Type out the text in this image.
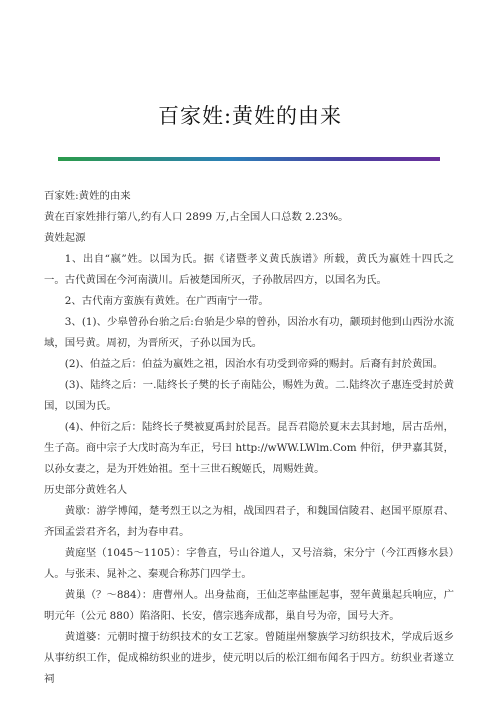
百家姓:黄姓的由来

百家姓:黄姓的由来

黄在百家姓排行第八,约有人口 2899 万,占全国人口总数 2.23%。

黄姓起源

1、出自“嬴”姓。以国为氏。据《诸暨孝义黄氏族谱》所载，黄氏为嬴姓十四氏之一。古代黄国在今河南潢川。后被楚国所灭，子孙散居四方，以国名为氏。

2、古代南方蛮族有黄姓。在广西南宁一带。

3、(1)、少皋曾孙台骀之后:台骀是少皋的曾孙，因治水有功，颛顼封他到山西汾水流域，国号黄。周初，为晋所灭，子孙以国为氏。

(2)、伯益之后：伯益为嬴姓之祖，因治水有功受到帝舜的赐封。后裔有封於黄国。

(3)、陆终之后：一.陆终长子樊的长子南陆公，赐姓为黄。二.陆终次子惠连受封於黄国，以国为氏。

(4)、仲衍之后：陆终长子樊被夏禹封於昆吾。昆吾君隐於夏末去其封地，居古岳州，生子高。商中宗子大戊时高为车正，号曰 http://wWW.LWlm.Com 仲衍，伊尹嘉其贤，以孙女妻之，是为开姓始祖。至十三世石鲵姬氏，周赐姓黄。

历史部分黄姓名人

黄歇：游学博闻，楚考烈王以之为相，战国四君子，和魏国信陵君、赵国平原原君、齐国孟尝君齐名，封为春申君。

黄庭坚（1045～1105）：字鲁直，号山谷道人，又号涪翁，宋分宁（今江西修水县）人。与张耒、晁补之、秦观合称苏门四学士。

黄巢（？～884）：唐曹州人。出身盐商，王仙芝率盐匪起事，翌年黄巢起兵响应，广明元年（公元 880）陷洛阳、长安，僖宗逃奔成都，巢自号为帝，国号大齐。

黄道婆：元朝时擅于纺织技术的女工艺家。曾随崖州黎族学习纺织技术，学成后返乡从事纺织工作，促成棉纺织业的进步，使元明以后的松江细布闻名于四方。纺织业者遂立祠
